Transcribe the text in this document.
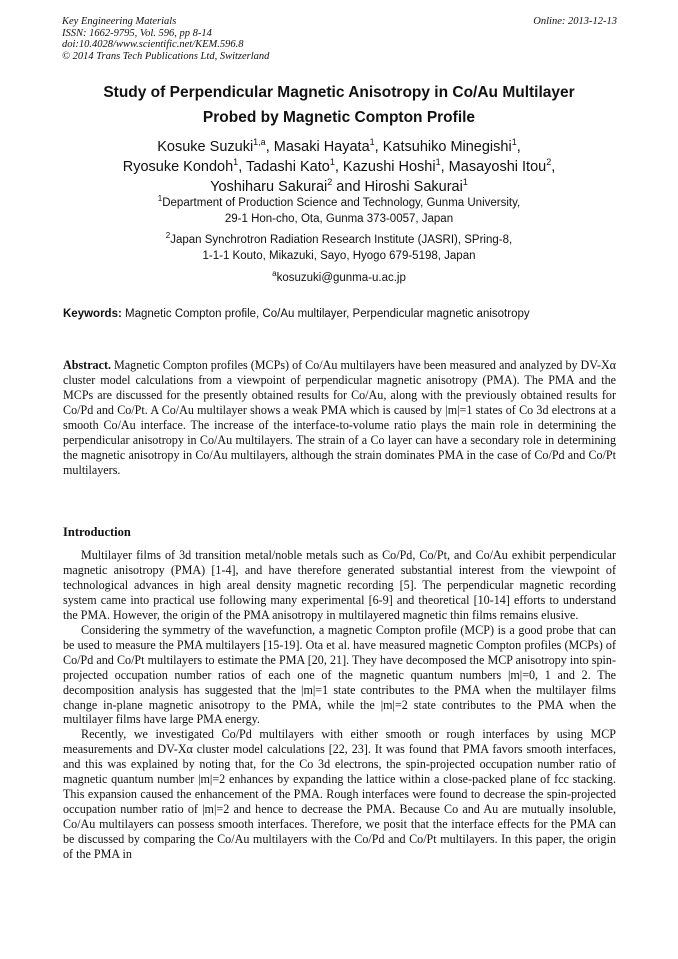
Key Engineering Materials
ISSN: 1662-9795, Vol. 596, pp 8-14
doi:10.4028/www.scientific.net/KEM.596.8
© 2014 Trans Tech Publications Ltd, Switzerland
Online: 2013-12-13
Study of Perpendicular Magnetic Anisotropy in Co/Au Multilayer
Probed by Magnetic Compton Profile
Kosuke Suzuki$^{1,a}$, Masaki Hayata$^1$, Katsuhiko Minegishi$^1$,
Ryosuke Kondoh$^1$, Tadashi Kato$^1$, Kazushi Hoshi$^1$, Masayoshi Itou$^2$,
Yoshiharu Sakurai$^2$ and Hiroshi Sakurai$^1$
$^1$Department of Production Science and Technology, Gunma University,
29-1 Hon-cho, Ota, Gunma 373-0057, Japan
$^2$Japan Synchrotron Radiation Research Institute (JASRI), SPring-8,
1-1-1 Kouto, Mikazuki, Sayo, Hyogo 679-5198, Japan
$^a$kosuzuki@gunma-u.ac.jp
Keywords: Magnetic Compton profile, Co/Au multilayer, Perpendicular magnetic anisotropy
Abstract. Magnetic Compton profiles (MCPs) of Co/Au multilayers have been measured and analyzed by DV-Xα cluster model calculations from a viewpoint of perpendicular magnetic anisotropy (PMA). The PMA and the MCPs are discussed for the presently obtained results for Co/Au, along with the previously obtained results for Co/Pd and Co/Pt. A Co/Au multilayer shows a weak PMA which is caused by |m|=1 states of Co 3d electrons at a smooth Co/Au interface. The increase of the interface-to-volume ratio plays the main role in determining the perpendicular anisotropy in Co/Au multilayers. The strain of a Co layer can have a secondary role in determining the magnetic anisotropy in Co/Au multilayers, although the strain dominates PMA in the case of Co/Pd and Co/Pt multilayers.
Introduction

Multilayer films of 3d transition metal/noble metals such as Co/Pd, Co/Pt, and Co/Au exhibit perpendicular magnetic anisotropy (PMA) [1-4], and have therefore generated substantial interest from the viewpoint of technological advances in high areal density magnetic recording [5]. The perpendicular magnetic recording system came into practical use following many experimental [6-9] and theoretical [10-14] efforts to understand the PMA. However, the origin of the PMA anisotropy in multilayered magnetic thin films remains elusive.

Considering the symmetry of the wavefunction, a magnetic Compton profile (MCP) is a good probe that can be used to measure the PMA multilayers [15-19]. Ota et al. have measured magnetic Compton profiles (MCPs) of Co/Pd and Co/Pt multilayers to estimate the PMA [20, 21]. They have decomposed the MCP anisotropy into spin-projected occupation number ratios of each one of the magnetic quantum numbers |m|=0, 1 and 2. The decomposition analysis has suggested that the |m|=1 state contributes to the PMA when the multilayer films change in-plane magnetic anisotropy to the PMA, while the |m|=2 state contributes to the PMA when the multilayer films have large PMA energy.

Recently, we investigated Co/Pd multilayers with either smooth or rough interfaces by using MCP measurements and DV-Xα cluster model calculations [22, 23]. It was found that PMA favors smooth interfaces, and this was explained by noting that, for the Co 3d electrons, the spin-projected occupation number ratio of magnetic quantum number |m|=2 enhances by expanding the lattice within a close-packed plane of fcc stacking. This expansion caused the enhancement of the PMA. Rough interfaces were found to decrease the spin-projected occupation number ratio of |m|=2 and hence to decrease the PMA. Because Co and Au are mutually insoluble, Co/Au multilayers can possess smooth interfaces. Therefore, we posit that the interface effects for the PMA can be discussed by comparing the Co/Au multilayers with the Co/Pd and Co/Pt multilayers. In this paper, the origin of the PMA in
